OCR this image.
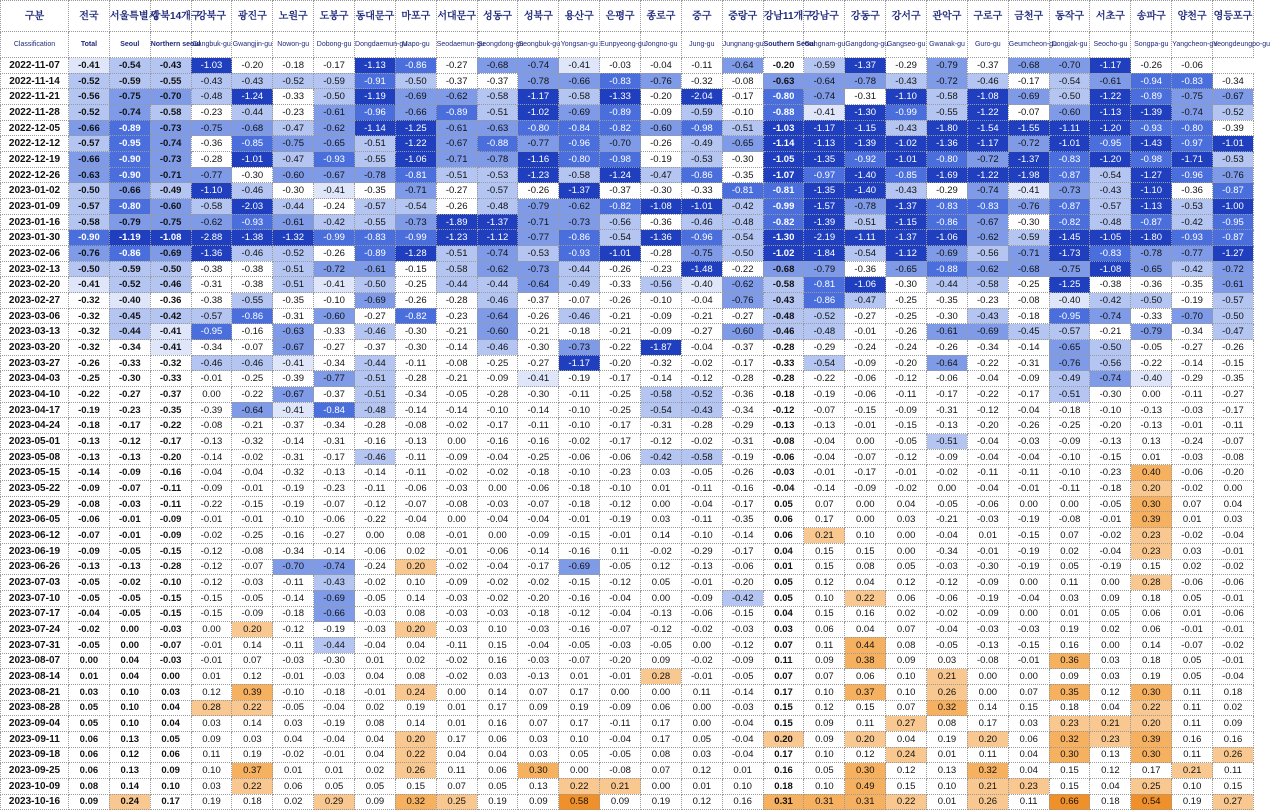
구분	전국	서울특별시	강북14개구	강북구	광진구	노원구	도봉구	동대문구	마포구	서대문구	성동구	성북구	용산구	은평구	종로구	중구	중랑구	강남11개구	강남구	강동구	강서구	관악구	구로구	금천구	동작구	서초구	송파구	양천구	영등포구
Classification	Total	Seoul	Northern seoul	Gangbuk-gu	Gwangjin-gu	Nowon-gu	Dobong-gu	Dongdaemun-gu	Mapo-gu	Seodaemun-gu	Seongdong-gu	Seongbuk-gu	Yongsan-gu	Eunpyeong-gu	Jongno-gu	Jung-gu	Jungnang-gu	Southern Seoul	Gangnam-gu	Gangdong-gu	Gangseo-gu	Gwanak-gu	Guro-gu	Geumcheon-gu	Dongjak-gu	Seocho-gu	Songpa-gu	Yangcheon-gu	Yeongdeungpo-gu
2022-11-07	-0.41	-0.54	-0.43	-1.03	-0.20	-0.18	-0.17	-1.13	-0.86	-0.27	-0.68	-0.74	-0.41	-0.03	-0.04	-0.11	-0.64	-0.20	-0.59	-1.37	-0.29	-0.79	-0.37	-0.68	-0.70	-1.17	-0.26	-0.06	
2022-11-14	-0.52	-0.59	-0.55	-0.43	-0.43	-0.52	-0.59	-0.91	-0.50	-0.37	-0.37	-0.78	-0.66	-0.83	-0.76	-0.32	-0.08	-0.63	-0.64	-0.78	-0.43	-0.72	-0.46	-0.17	-0.54	-0.61	-0.94	-0.83	-0.34
2022-11-21	-0.56	-0.75	-0.70	-0.48	-1.24	-0.33	-0.50	-1.19	-0.69	-0.62	-0.58	-1.17	-0.58	-1.33	-0.20	-2.04	-0.17	-0.80	-0.74	-0.31	-1.10	-0.58	-1.08	-0.69	-0.50	-1.22	-0.89	-0.75	-0.67
2022-11-28	-0.52	-0.74	-0.58	-0.23	-0.44	-0.23	-0.61	-0.96	-0.66	-0.89	-0.51	-1.02	-0.69	-0.89	-0.09	-0.59	-0.10	-0.88	-0.41	-1.30	-0.99	-0.55	-1.22	-0.07	-0.60	-1.13	-1.39	-0.74	-0.52
2022-12-05	-0.66	-0.89	-0.73	-0.75	-0.68	-0.47	-0.62	-1.14	-1.25	-0.61	-0.63	-0.80	-0.84	-0.82	-0.60	-0.98	-0.51	-1.03	-1.17	-1.15	-0.43	-1.80	-1.54	-1.55	-1.11	-1.20	-0.93	-0.80	-0.39
2022-12-12	-0.57	-0.95	-0.74	-0.36	-0.85	-0.75	-0.65	-0.51	-1.22	-0.67	-0.88	-0.77	-0.96	-0.70	-0.26	-0.49	-0.65	-1.14	-1.13	-1.39	-1.02	-1.36	-1.17	-0.72	-1.01	-0.95	-1.43	-0.97	-1.01
2022-12-19	-0.66	-0.90	-0.73	-0.28	-1.01	-0.47	-0.93	-0.55	-1.06	-0.71	-0.78	-1.16	-0.80	-0.98	-0.19	-0.53	-0.30	-1.05	-1.35	-0.92	-1.01	-0.80	-0.72	-1.37	-0.83	-1.20	-0.98	-1.71	-0.53
2022-12-26	-0.63	-0.90	-0.71	-0.77	-0.30	-0.60	-0.67	-0.78	-0.81	-0.51	-0.53	-1.23	-0.58	-1.24	-0.47	-0.86	-0.35	-1.07	-0.97	-1.40	-0.85	-1.69	-1.22	-1.98	-0.87	-0.54	-1.27	-0.96	-0.76
2023-01-02	-0.50	-0.66	-0.49	-1.10	-0.46	-0.30	-0.41	-0.35	-0.71	-0.27	-0.57	-0.26	-1.37	-0.37	-0.30	-0.33	-0.81	-0.81	-1.35	-1.40	-0.43	-0.29	-0.74	-0.41	-0.73	-0.43	-1.10	-0.36	-0.87
2023-01-09	-0.57	-0.80	-0.60	-0.58	-2.03	-0.44	-0.24	-0.57	-0.54	-0.26	-0.48	-0.79	-0.62	-0.82	-1.08	-1.01	-0.42	-0.99	-1.57	-0.78	-1.37	-0.83	-0.83	-0.76	-0.87	-0.57	-1.13	-0.53	-1.00
2023-01-16	-0.58	-0.79	-0.75	-0.62	-0.93	-0.61	-0.42	-0.55	-0.73	-1.89	-1.37	-0.71	-0.73	-0.56	-0.36	-0.46	-0.48	-0.82	-1.39	-0.51	-1.15	-0.86	-0.67	-0.30	-0.82	-0.48	-0.87	-0.42	-0.95
2023-01-30	-0.90	-1.19	-1.08	-2.88	-1.38	-1.32	-0.99	-0.83	-0.99	-1.23	-1.12	-0.77	-0.86	-0.54	-1.36	-0.96	-0.54	-1.30	-2.19	-1.11	-1.37	-1.06	-0.62	-0.59	-1.45	-1.05	-1.80	-0.93	-0.87
2023-02-06	-0.76	-0.86	-0.69	-1.36	-0.46	-0.52	-0.26	-0.89	-1.28	-0.51	-0.74	-0.53	-0.93	-1.01	-0.28	-0.75	-0.50	-1.02	-1.84	-0.54	-1.12	-0.69	-0.56	-0.71	-1.73	-0.83	-0.78	-0.77	-1.27
2023-02-13	-0.50	-0.59	-0.50	-0.38	-0.38	-0.51	-0.72	-0.61	-0.15	-0.58	-0.62	-0.73	-0.44	-0.26	-0.23	-1.48	-0.22	-0.68	-0.79	-0.36	-0.65	-0.88	-0.62	-0.68	-0.75	-1.08	-0.65	-0.42	-0.72
2023-02-20	-0.41	-0.52	-0.46	-0.31	-0.38	-0.51	-0.41	-0.50	-0.25	-0.44	-0.44	-0.64	-0.49	-0.33	-0.56	-0.40	-0.62	-0.58	-0.81	-1.06	-0.30	-0.44	-0.58	-0.25	-1.25	-0.38	-0.36	-0.35	-0.61
2023-02-27	-0.32	-0.40	-0.36	-0.38	-0.55	-0.35	-0.10	-0.69	-0.26	-0.28	-0.46	-0.37	-0.07	-0.26	-0.10	-0.04	-0.76	-0.43	-0.86	-0.47	-0.25	-0.35	-0.23	-0.08	-0.40	-0.42	-0.50	-0.19	-0.57
2023-03-06	-0.32	-0.45	-0.42	-0.57	-0.86	-0.31	-0.60	-0.27	-0.82	-0.23	-0.64	-0.26	-0.46	-0.21	-0.09	-0.21	-0.27	-0.48	-0.52	-0.27	-0.25	-0.30	-0.43	-0.18	-0.95	-0.74	-0.33	-0.70	-0.50
2023-03-13	-0.32	-0.44	-0.41	-0.95	-0.16	-0.63	-0.33	-0.46	-0.30	-0.21	-0.60	-0.21	-0.18	-0.21	-0.09	-0.27	-0.60	-0.46	-0.48	-0.01	-0.26	-0.61	-0.69	-0.45	-0.57	-0.21	-0.79	-0.34	-0.47
2023-03-20	-0.32	-0.34	-0.41	-0.34	-0.07	-0.67	-0.27	-0.37	-0.30	-0.14	-0.46	-0.30	-0.73	-0.22	-1.87	-0.04	-0.37	-0.28	-0.29	-0.24	-0.24	-0.26	-0.34	-0.14	-0.65	-0.50	-0.05	-0.27	-0.26
2023-03-27	-0.26	-0.33	-0.32	-0.46	-0.46	-0.41	-0.34	-0.44	-0.11	-0.08	-0.25	-0.27	-1.17	-0.20	-0.32	-0.02	-0.17	-0.33	-0.54	-0.09	-0.20	-0.64	-0.22	-0.31	-0.76	-0.56	-0.22	-0.14	-0.15
2023-04-03	-0.25	-0.30	-0.33	-0.01	-0.25	-0.39	-0.77	-0.51	-0.28	-0.21	-0.09	-0.41	-0.19	-0.17	-0.14	-0.12	-0.28	-0.28	-0.22	-0.06	-0.12	-0.06	-0.04	-0.09	-0.49	-0.74	-0.40	-0.29	-0.35
2023-04-10	-0.22	-0.27	-0.37	0.00	-0.22	-0.67	-0.37	-0.51	-0.34	-0.05	-0.28	-0.30	-0.11	-0.25	-0.58	-0.52	-0.36	-0.18	-0.19	-0.06	-0.11	-0.17	-0.22	-0.17	-0.51	-0.30	0.00	-0.11	-0.27
2023-04-17	-0.19	-0.23	-0.35	-0.39	-0.64	-0.41	-0.84	-0.48	-0.14	-0.14	-0.10	-0.14	-0.10	-0.25	-0.54	-0.43	-0.34	-0.12	-0.07	-0.15	-0.09	-0.31	-0.12	-0.04	-0.18	-0.10	-0.13	-0.03	-0.17
2023-04-24	-0.18	-0.17	-0.22	-0.08	-0.21	-0.37	-0.34	-0.28	-0.08	-0.02	-0.17	-0.11	-0.10	-0.17	-0.31	-0.28	-0.29	-0.13	-0.13	-0.01	-0.15	-0.13	-0.20	-0.26	-0.25	-0.20	-0.13	-0.01	-0.11
2023-05-01	-0.13	-0.12	-0.17	-0.13	-0.32	-0.14	-0.31	-0.16	-0.13	0.00	-0.16	-0.16	-0.02	-0.17	-0.12	-0.02	-0.31	-0.08	-0.04	0.00	-0.05	-0.51	-0.04	-0.03	-0.09	-0.13	0.13	-0.24	-0.07
2023-05-08	-0.13	-0.13	-0.20	-0.14	-0.02	-0.31	-0.17	-0.46	-0.11	-0.09	-0.04	-0.25	-0.06	-0.06	-0.42	-0.58	-0.19	-0.06	-0.04	-0.07	-0.12	-0.09	-0.04	-0.04	-0.10	-0.15	0.01	-0.03	-0.08
2023-05-15	-0.14	-0.09	-0.16	-0.04	-0.04	-0.32	-0.13	-0.14	-0.11	-0.02	-0.02	-0.18	-0.10	-0.23	0.03	-0.05	-0.26	-0.03	-0.01	-0.17	-0.01	-0.02	-0.11	-0.11	-0.10	-0.23	0.40	-0.06	-0.20
2023-05-22	-0.09	-0.07	-0.11	-0.09	-0.01	-0.19	-0.23	-0.11	-0.06	-0.03	0.00	-0.06	-0.18	-0.10	0.01	-0.11	-0.16	-0.04	-0.14	-0.09	-0.02	0.00	-0.04	-0.01	-0.11	-0.18	0.20	-0.02	0.00
2023-05-29	-0.08	-0.03	-0.11	-0.22	-0.15	-0.19	-0.07	-0.12	-0.07	-0.08	-0.03	-0.07	-0.18	-0.12	0.00	-0.04	-0.17	0.05	0.07	0.00	0.04	-0.05	-0.06	0.00	0.00	-0.05	0.30	0.07	0.04
2023-06-05	-0.06	-0.01	-0.09	-0.01	-0.01	-0.10	-0.06	-0.22	-0.04	0.00	-0.04	-0.04	-0.01	-0.19	0.03	-0.11	-0.35	0.06	0.17	0.00	0.03	-0.21	-0.03	-0.19	-0.08	-0.01	0.39	0.01	0.03
2023-06-12	-0.07	-0.01	-0.09	-0.02	-0.25	-0.16	-0.27	0.00	0.08	-0.01	0.00	-0.09	-0.15	-0.01	0.14	-0.10	-0.14	0.06	0.21	0.10	0.00	-0.04	0.01	-0.15	0.07	-0.02	0.23	-0.02	-0.04
2023-06-19	-0.09	-0.05	-0.15	-0.12	-0.08	-0.34	-0.14	-0.06	0.02	-0.01	-0.06	-0.14	-0.16	0.11	-0.02	-0.29	-0.17	0.04	0.15	0.15	0.00	-0.34	-0.01	-0.19	0.02	-0.04	0.23	0.03	-0.01
2023-06-26	-0.13	-0.13	-0.28	-0.12	-0.07	-0.70	-0.74	-0.24	0.20	-0.02	-0.04	-0.17	-0.69	-0.05	0.12	-0.13	-0.06	0.01	0.15	0.08	0.05	-0.03	-0.30	-0.19	0.05	-0.19	0.15	0.02	-0.02
2023-07-03	-0.05	-0.02	-0.10	-0.12	-0.03	-0.11	-0.43	-0.02	0.10	-0.09	-0.02	-0.02	-0.15	-0.12	0.05	-0.01	-0.20	0.05	0.12	0.04	0.12	-0.12	-0.09	0.00	0.11	0.00	0.28	-0.06	-0.06
2023-07-10	-0.05	-0.05	-0.15	-0.15	-0.05	-0.14	-0.69	-0.05	0.14	-0.03	-0.02	-0.20	-0.16	-0.04	0.00	-0.09	-0.42	0.05	0.10	0.22	0.06	-0.06	-0.19	-0.04	0.03	0.09	0.18	0.05	-0.01
2023-07-17	-0.04	-0.05	-0.15	-0.15	-0.09	-0.18	-0.66	-0.03	0.08	-0.03	-0.03	-0.18	-0.12	-0.04	-0.13	-0.06	-0.15	0.04	0.15	0.16	0.02	-0.02	-0.09	0.00	0.01	0.05	0.06	0.01	-0.06
2023-07-24	-0.02	0.00	-0.03	0.00	0.20	-0.12	-0.19	-0.03	0.20	-0.03	0.10	-0.03	-0.16	-0.07	-0.12	-0.02	-0.03	0.03	0.06	0.04	0.07	-0.04	-0.03	-0.03	0.19	0.02	0.06	-0.01	-0.01
2023-07-31	-0.05	0.00	-0.07	-0.01	0.14	-0.11	-0.44	-0.04	0.04	-0.11	0.15	-0.04	-0.05	-0.03	-0.05	0.00	-0.12	0.07	0.11	0.44	0.08	-0.05	-0.13	-0.15	0.16	0.00	0.14	-0.07	-0.02
2023-08-07	0.00	0.04	-0.03	-0.01	0.07	-0.03	-0.30	0.01	0.02	-0.02	0.16	-0.03	-0.07	-0.20	0.09	-0.02	-0.09	0.11	0.09	0.38	0.09	0.03	-0.08	-0.01	0.36	0.03	0.18	0.05	-0.01
2023-08-14	0.01	0.04	0.00	0.01	0.12	-0.01	-0.03	0.04	0.08	-0.02	0.03	-0.13	0.01	-0.01	0.28	-0.01	-0.05	0.07	0.07	0.06	0.10	0.21	0.00	0.00	0.09	0.03	0.19	0.05	-0.04
2023-08-21	0.03	0.10	0.03	0.12	0.39	-0.10	-0.18	-0.01	0.24	0.00	0.14	0.07	0.17	0.00	0.00	0.11	-0.14	0.17	0.10	0.37	0.10	0.26	0.00	0.07	0.35	0.12	0.30	0.11	0.18
2023-08-28	0.05	0.10	0.04	0.28	0.22	-0.05	-0.04	0.02	0.19	0.01	0.17	0.09	0.19	-0.09	0.06	0.00	-0.03	0.15	0.12	0.15	0.07	0.32	0.14	0.15	0.18	0.04	0.22	0.11	0.02
2023-09-04	0.05	0.10	0.04	0.03	0.14	0.03	-0.19	0.08	0.14	0.01	0.16	0.07	0.17	-0.11	0.17	0.00	-0.04	0.15	0.09	0.11	0.27	0.08	0.17	0.03	0.23	0.21	0.20	0.11	0.09
2023-09-11	0.06	0.13	0.05	0.09	0.03	0.04	-0.04	0.04	0.20	0.17	0.06	0.03	0.10	-0.04	0.17	0.05	-0.04	0.20	0.09	0.20	0.04	0.19	0.20	0.06	0.32	0.23	0.39	0.16	0.16
2023-09-18	0.06	0.12	0.06	0.11	0.19	-0.02	-0.01	0.04	0.22	0.04	0.04	0.03	0.05	-0.05	0.08	0.03	-0.04	0.17	0.10	0.12	0.24	0.01	0.11	0.04	0.30	0.13	0.30	0.11	0.26
2023-09-25	0.06	0.13	0.09	0.10	0.37	0.01	0.01	0.02	0.26	0.11	0.06	0.30	0.00	-0.08	0.07	0.12	0.01	0.16	0.05	0.30	0.12	0.13	0.32	0.04	0.15	0.12	0.17	0.21	0.11
2023-10-09	0.08	0.14	0.10	0.03	0.22	0.06	0.05	0.05	0.15	0.07	0.05	0.13	0.22	0.21	0.00	0.01	0.10	0.18	0.10	0.49	0.15	0.10	0.21	0.23	0.15	0.04	0.25	0.10	0.15
2023-10-16	0.09	0.24	0.17	0.19	0.18	0.02	0.29	0.09	0.32	0.25	0.19	0.09	0.58	0.09	0.19	0.12	0.16	0.31	0.31	0.31	0.22	0.01	0.26	0.11	0.66	0.18	0.54	0.19	0.27
